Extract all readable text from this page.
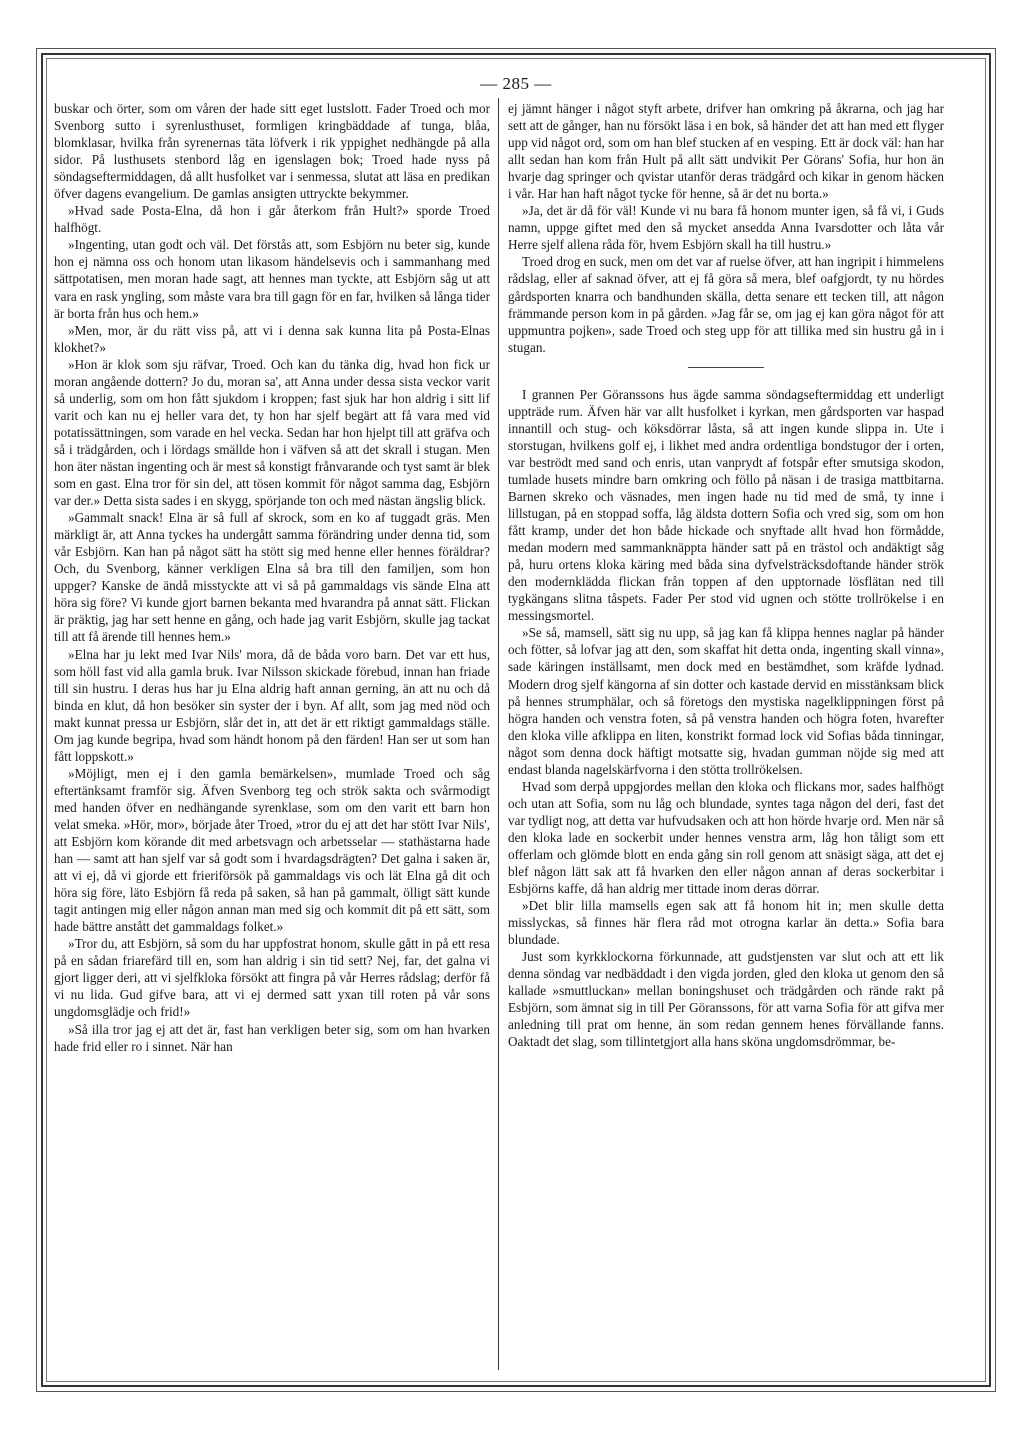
— 285 —

buskar och örter, som om våren der hade sitt eget lustslott. Fader Troed och mor Svenborg sutto i syrenlusthuset, formligen kringbäddade af tunga, blåa, blomklasar, hvilka från syrenernas täta löfverk i rik yppighet nedhängde på alla sidor. På lusthusets stenbord låg en igenslagen bok; Troed hade nyss på söndagseftermiddagen, då allt husfolket var i senmessa, slutat att läsa en predikan öfver dagens evangelium. De gamlas ansigten uttryckte bekymmer.

»Hvad sade Posta-Elna, då hon i går återkom från Hult?» sporde Troed halfhögt.

»Ingenting, utan godt och väl. Det förstås att, som Esbjörn nu beter sig, kunde hon ej nämna oss och honom utan likasom händelsevis och i sammanhang med sättpotatisen, men moran hade sagt, att hennes man tyckte, att Esbjörn såg ut att vara en rask yngling, som måste vara bra till gagn för en far, hvilken så långa tider är borta från hus och hem.»

»Men, mor, är du rätt viss på, att vi i denna sak kunna lita på Posta-Elnas klokhet?»

»Hon är klok som sju räfvar, Troed. Och kan du tänka dig, hvad hon fick ur moran angående dottern? Jo du, moran sa', att Anna under dessa sista veckor varit så underlig, som om hon fått sjukdom i kroppen; fast sjuk har hon aldrig i sitt lif varit och kan nu ej heller vara det, ty hon har sjelf begärt att få vara med vid potatissättningen, som varade en hel vecka. Sedan har hon hjelpt till att gräfva och så i trädgården, och i lördags smällde hon i väfven så att det skrall i stugan. Men hon äter nästan ingenting och är mest så konstigt frånvarande och tyst samt är blek som en gast. Elna tror för sin del, att tösen kommit för något samma dag, Esbjörn var der.» Detta sista sades i en skygg, spörjande ton och med nästan ängslig blick.

»Gammalt snack! Elna är så full af skrock, som en ko af tuggadt gräs. Men märkligt är, att Anna tyckes ha undergått samma förändring under denna tid, som vår Esbjörn. Kan han på något sätt ha stött sig med henne eller hennes föräldrar? Och, du Svenborg, känner verkligen Elna så bra till den familjen, som hon uppger? Kanske de ändå misstyckte att vi så på gammaldags vis sände Elna att höra sig före? Vi kunde gjort barnen bekanta med hvarandra på annat sätt. Flickan är präktig, jag har sett henne en gång, och hade jag varit Esbjörn, skulle jag tackat till att få ärende till hennes hem.»

»Elna har ju lekt med Ivar Nils' mora, då de båda voro barn. Det var ett hus, som höll fast vid alla gamla bruk. Ivar Nilsson skickade förebud, innan han friade till sin hustru. I deras hus har ju Elna aldrig haft annan gerning, än att nu och då binda en klut, då hon besöker sin syster der i byn. Af allt, som jag med nöd och makt kunnat pressa ur Esbjörn, slår det in, att det är ett riktigt gammaldags ställe. Om jag kunde begripa, hvad som händt honom på den färden! Han ser ut som han fått loppskott.»

»Möjligt, men ej i den gamla bemärkelsen», mumlade Troed och såg eftertänksamt framför sig. Äfven Svenborg teg och strök sakta och svårmodigt med handen öfver en nedhängande syrenklase, som om den varit ett barn hon velat smeka. »Hör, mor», började åter Troed, »tror du ej att det har stött Ivar Nils', att Esbjörn kom körande dit med arbetsvagn och arbetsselar — stathästarna hade han — samt att han sjelf var så godt som i hvardagsdrägten? Det galna i saken är, att vi ej, då vi gjorde ett frieriförsök på gammaldags vis och lät Elna gå dit och höra sig före, läto Esbjörn få reda på saken, så han på gammalt, ölligt sätt kunde tagit antingen mig eller någon annan man med sig och kommit dit på ett sätt, som hade bättre anstått det gammaldags folket.»

»Tror du, att Esbjörn, så som du har uppfostrat honom, skulle gått in på ett resa på en sådan friarefärd till en, som han aldrig i sin tid sett? Nej, far, det galna vi gjort ligger deri, att vi sjelfkloka försökt att fingra på vår Herres rådslag; derför få vi nu lida. Gud gifve bara, att vi ej dermed satt yxan till roten på vår sons ungdomsglädje och frid!»

»Så illa tror jag ej att det är, fast han verkligen beter sig, som om han hvarken hade frid eller ro i sinnet. När han

ej jämnt hänger i något styft arbete, drifver han omkring på åkrarna, och jag har sett att de gånger, han nu försökt läsa i en bok, så händer det att han med ett flyger upp vid något ord, som om han blef stucken af en vesping. Ett är dock väl: han har allt sedan han kom från Hult på allt sätt undvikit Per Görans' Sofia, hur hon än hvarje dag springer och qvistar utanför deras trädgård och kikar in genom häcken i vår. Har han haft något tycke för henne, så är det nu borta.»

»Ja, det är då för väl! Kunde vi nu bara få honom munter igen, så få vi, i Guds namn, uppge giftet med den så mycket ansedda Anna Ivarsdotter och låta vår Herre sjelf allena råda för, hvem Esbjörn skall ha till hustru.»

Troed drog en suck, men om det var af ruelse öfver, att han ingripit i himmelens rådslag, eller af saknad öfver, att ej få göra så mera, blef oafgjordt, ty nu hördes gårdsporten knarra och bandhunden skälla, detta senare ett tecken till, att någon främmande person kom in på gården. »Jag får se, om jag ej kan göra något för att uppmuntra pojken», sade Troed och steg upp för att tillika med sin hustru gå in i stugan.

I grannen Per Göranssons hus ägde samma söndagseftermiddag ett underligt uppträde rum. Äfven här var allt husfolket i kyrkan, men gårdsporten var haspad innantill och stug- och köksdörrar låsta, så att ingen kunde slippa in. Ute i storstugan, hvilkens golf ej, i likhet med andra ordentliga bondstugor der i orten, var beströdt med sand och enris, utan vanprydt af fotspår efter smutsiga skodon, tumlade husets mindre barn omkring och föllo på näsan i de trasiga mattbitarna. Barnen skreko och väsnades, men ingen hade nu tid med de små, ty inne i lillstugan, på en stoppad soffa, låg äldsta dottern Sofia och vred sig, som om hon fått kramp, under det hon både hickade och snyftade allt hvad hon förmådde, medan modern med sammanknäppta händer satt på en trästol och andäktigt såg på, huru ortens kloka käring med båda sina dyfvelsträcksdoftande händer strök den modernklädda flickan från toppen af den upptornade lösflätan ned till tygkängans slitna tåspets. Fader Per stod vid ugnen och stötte trollrökelse i en messingsmortel.

»Se så, mamsell, sätt sig nu upp, så jag kan få klippa hennes naglar på händer och fötter, så lofvar jag att den, som skaffat hit detta onda, ingenting skall vinna», sade käringen inställsamt, men dock med en bestämdhet, som kräfde lydnad. Modern drog sjelf kängorna af sin dotter och kastade dervid en misstänksam blick på hennes strumphälar, och så företogs den mystiska nagelklippningen först på högra handen och venstra foten, så på venstra handen och högra foten, hvarefter den kloka ville afklippa en liten, konstrikt formad lock vid Sofias båda tinningar, något som denna dock häftigt motsatte sig, hvadan gumman nöjde sig med att endast blanda nagelskärfvorna i den stötta trollrökelsen.

Hvad som derpå uppgjordes mellan den kloka och flickans mor, sades halfhögt och utan att Sofia, som nu låg och blundade, syntes taga någon del deri, fast det var tydligt nog, att detta var hufvudsaken och att hon hörde hvarje ord. Men när så den kloka lade en sockerbit under hennes venstra arm, låg hon tåligt som ett offerlam och glömde blott en enda gång sin roll genom att snäsigt säga, att det ej blef någon lätt sak att få hvarken den eller någon annan af deras sockerbitar i Esbjörns kaffe, då han aldrig mer tittade inom deras dörrar.

»Det blir lilla mamsells egen sak att få honom hit in; men skulle detta misslyckas, så finnes här flera råd mot otrogna karlar än detta.» Sofia bara blundade.

Just som kyrkklockorna förkunnade, att gudstjensten var slut och att ett lik denna söndag var nedbäddadt i den vigda jorden, gled den kloka ut genom den så kallade »smuttluckan» mellan boningshuset och trädgården och rände rakt på Esbjörn, som ämnat sig in till Per Göranssons, för att varna Sofia för att gifva mer anledning till prat om henne, än som redan gennem henes förvällande fanns. Oaktadt det slag, som tillintetgjort alla hans sköna ungdomsdrömmar, be-
